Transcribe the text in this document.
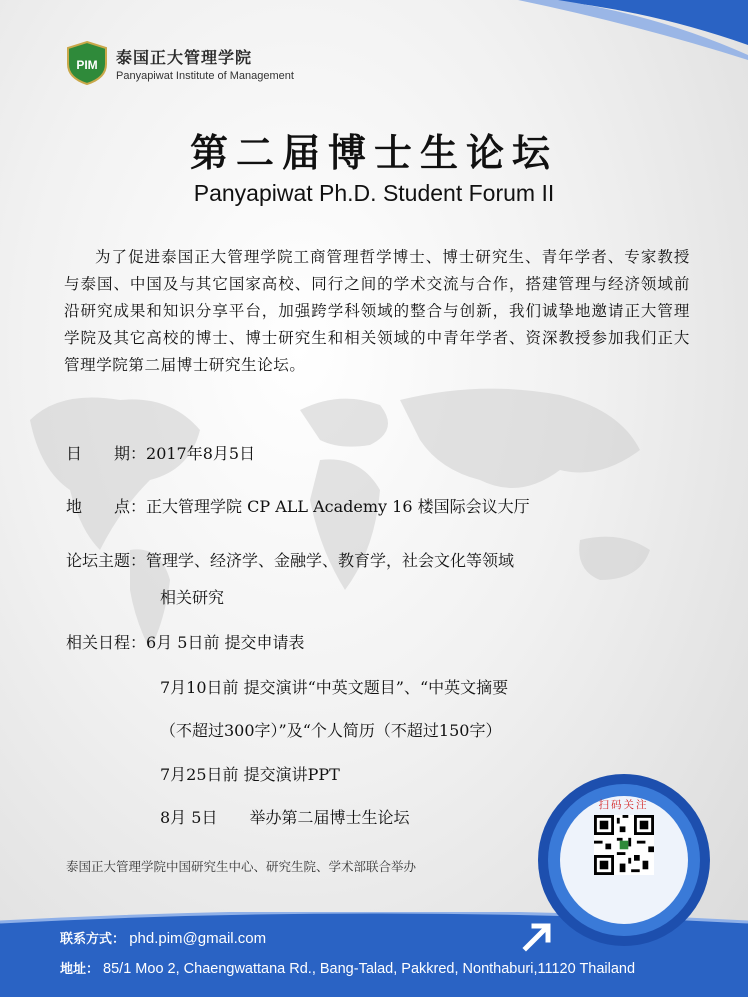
PIM 泰国正大管理学院
Panyapiwat Institute of Management
第二届博士生论坛
Panyapiwat Ph.D. Student Forum II
为了促进泰国正大管理学院工商管理哲学博士、博士研究生、青年学者、专家教授与泰国、中国及与其它国家高校、同行之间的学术交流与合作，搭建管理与经济领域前沿研究成果和知识分享平台，加强跨学科领域的整合与创新，我们诚挚地邀请正大管理学院及其它高校的博士、博士研究生和相关领域的中青年学者、资深教授参加我们正大管理学院第二届博士研究生论坛。
日　　期：2017年8月5日
地　　点：正大管理学院 CP ALL Academy 16 楼国际会议大厅
论坛主题：管理学、经济学、金融学、教育学，社会文化等领域
相关研究
相关日程：6月 5日前 提交申请表
7月10日前 提交演讲“中英文题目”、“中英文摘要
（不超过300字）”及“个人简历（不超过150字）
7月25日前 提交演讲PPT
8月 5日　　举办第二届博士生论坛
泰国正大管理学院中国研究生中心、研究生院、学术部联合举办
扫码关注
联系方式： phd.pim@gmail.com
地址： 85/1 Moo 2, Chaengwattana Rd., Bang-Talad, Pakkred, Nonthaburi,11120 Thailand
